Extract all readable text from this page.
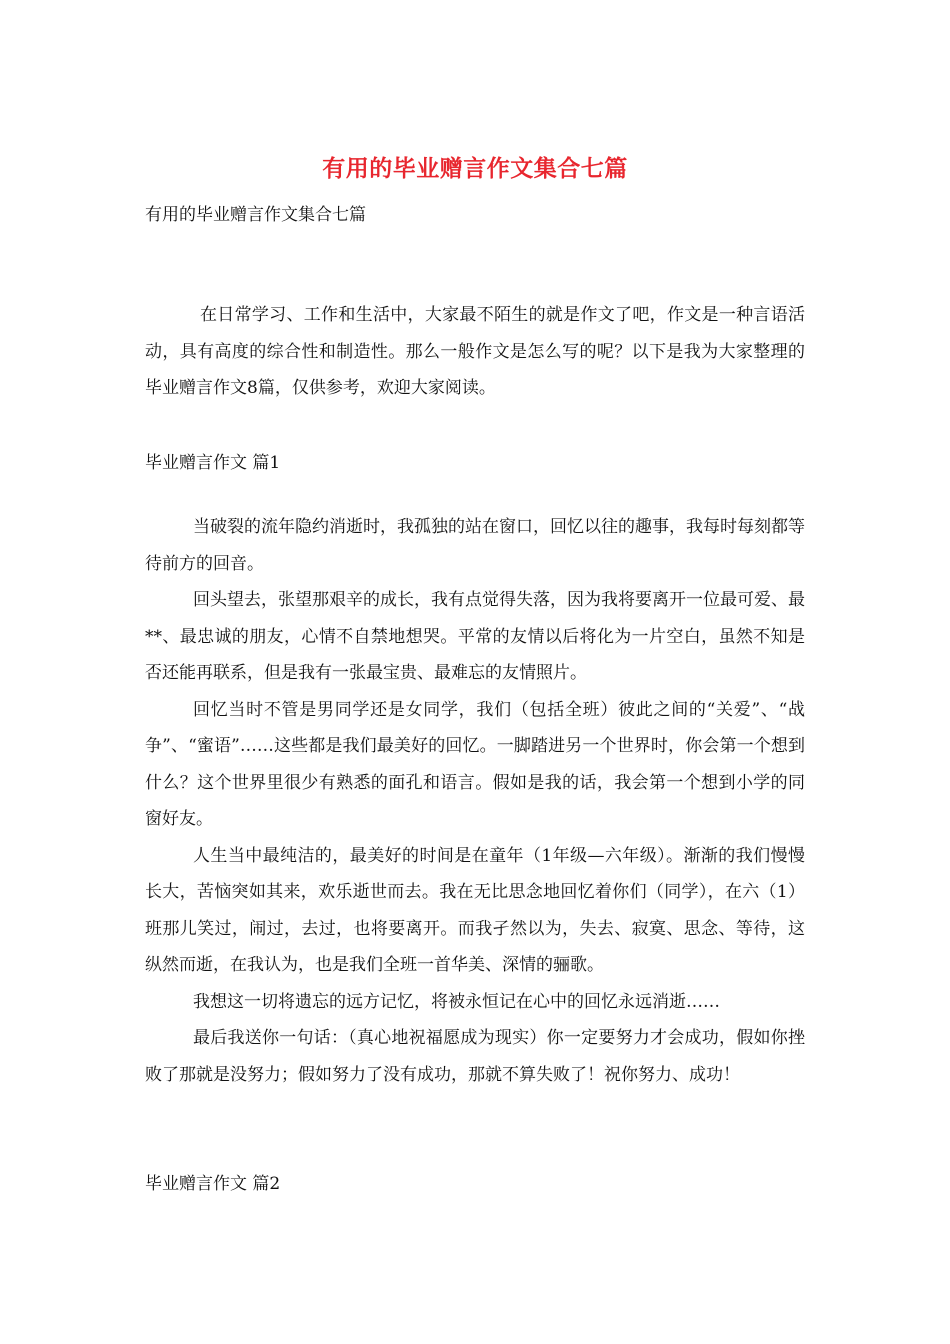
有用的毕业赠言作文集合七篇
有用的毕业赠言作文集合七篇

在日常学习、工作和生活中，大家最不陌生的就是作文了吧，作文是一种言语活动，具有高度的综合性和制造性。那么一般作文是怎么写的呢？以下是我为大家整理的毕业赠言作文8篇，仅供参考，欢迎大家阅读。

毕业赠言作文 篇1

当破裂的流年隐约消逝时，我孤独的站在窗口，回忆以往的趣事，我每时每刻都等待前方的回音。

回头望去，张望那艰辛的成长，我有点觉得失落，因为我将要离开一位最可爱、最**、最忠诚的朋友，心情不自禁地想哭。平常的友情以后将化为一片空白，虽然不知是否还能再联系，但是我有一张最宝贵、最难忘的友情照片。

回忆当时不管是男同学还是女同学，我们（包括全班）彼此之间的“关爱”、“战争”、“蜜语”……这些都是我们最美好的回忆。一脚踏进另一个世界时，你会第一个想到什么？这个世界里很少有熟悉的面孔和语言。假如是我的话，我会第一个想到小学的同窗好友。

人生当中最纯洁的，最美好的时间是在童年（1年级—六年级）。渐渐的我们慢慢长大，苦恼突如其来，欢乐逝世而去。我在无比思念地回忆着你们（同学），在六（1）班那儿笑过，闹过，去过，也将要离开。而我孑然以为，失去、寂寞、思念、等待，这纵然而逝，在我认为，也是我们全班一首华美、深情的骊歌。

我想这一切将遗忘的远方记忆，将被永恒记在心中的回忆永远消逝……

最后我送你一句话：（真心地祝福愿成为现实）你一定要努力才会成功，假如你挫败了那就是没努力；假如努力了没有成功，那就不算失败了！祝你努力、成功！

毕业赠言作文 篇2
